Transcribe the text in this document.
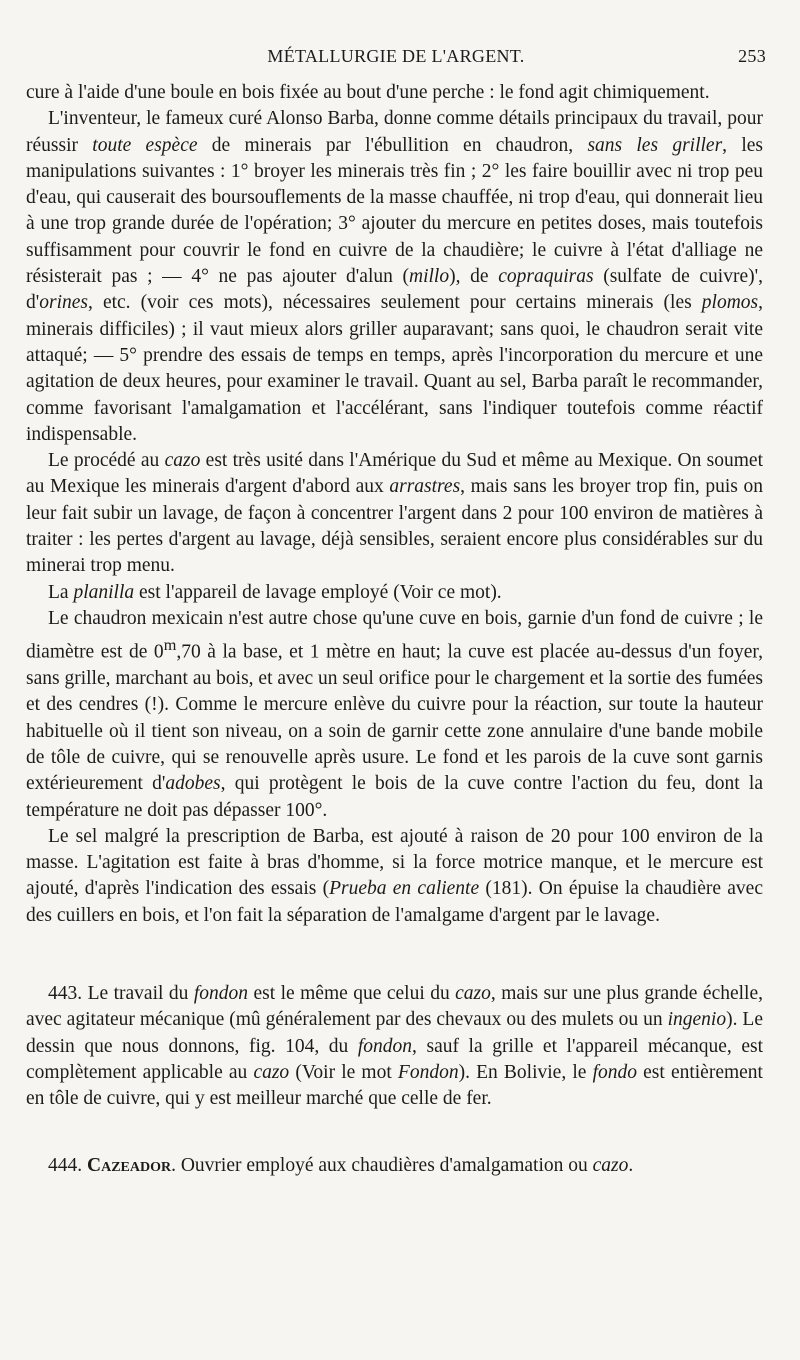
MÉTALLURGIE DE L'ARGENT.	253

cure à l'aide d'une boule en bois fixée au bout d'une perche : le fond agit chimiquement.

L'inventeur, le fameux curé Alonso Barba, donne comme détails principaux du travail, pour réussir toute espèce de minerais par l'ébullition en chaudron, sans les griller, les manipulations suivantes : 1° broyer les minerais très fin ; 2° les faire bouillir avec ni trop peu d'eau, qui causerait des boursouflements de la masse chauffée, ni trop d'eau, qui donnerait lieu à une trop grande durée de l'opération; 3° ajouter du mercure en petites doses, mais toutefois suffisamment pour couvrir le fond en cuivre de la chaudière; le cuivre à l'état d'alliage ne résisterait pas ; — 4° ne pas ajouter d'alun (millo), de copraquiras (sulfate de cuivre)', d'orines, etc. (voir ces mots), nécessaires seulement pour certains minerais (les plomos, minerais difficiles) ; il vaut mieux alors griller auparavant; sans quoi, le chaudron serait vite attaqué; — 5° prendre des essais de temps en temps, après l'incorporation du mercure et une agitation de deux heures, pour examiner le travail. Quant au sel, Barba paraît le recommander, comme favorisant l'amalgamation et l'accélérant, sans l'indiquer toutefois comme réactif indispensable.

Le procédé au cazo est très usité dans l'Amérique du Sud et même au Mexique. On soumet au Mexique les minerais d'argent d'abord aux arrastres, mais sans les broyer trop fin, puis on leur fait subir un lavage, de façon à concentrer l'argent dans 2 pour 100 environ de matières à traiter : les pertes d'argent au lavage, déjà sensibles, seraient encore plus considérables sur du minerai trop menu.

La planilla est l'appareil de lavage employé (Voir ce mot).

Le chaudron mexicain n'est autre chose qu'une cuve en bois, garnie d'un fond de cuivre ; le diamètre est de 0$^m$,70 à la base, et 1 mètre en haut; la cuve est placée au-dessus d'un foyer, sans grille, marchant au bois, et avec un seul orifice pour le chargement et la sortie des fumées et des cendres (!). Comme le mercure enlève du cuivre pour la réaction, sur toute la hauteur habituelle où il tient son niveau, on a soin de garnir cette zone annulaire d'une bande mobile de tôle de cuivre, qui se renouvelle après usure. Le fond et les parois de la cuve sont garnis extérieurement d'adobes, qui protègent le bois de la cuve contre l'action du feu, dont la température ne doit pas dépasser 100°.

Le sel malgré la prescription de Barba, est ajouté à raison de 20 pour 100 environ de la masse. L'agitation est faite à bras d'homme, si la force motrice manque, et le mercure est ajouté, d'après l'indication des essais (Prueba en caliente (181). On épuise la chaudière avec des cuillers en bois, et l'on fait la séparation de l'amalgame d'argent par le lavage.

443. Le travail du fondon est le même que celui du cazo, mais sur une plus grande échelle, avec agitateur mécanique (mû généralement par des chevaux ou des mulets ou un ingenio). Le dessin que nous donnons, fig. 104, du fondon, sauf la grille et l'appareil mécanque, est complètement applicable au cazo (Voir le mot Fondon). En Bolivie, le fondo est entièrement en tôle de cuivre, qui y est meilleur marché que celle de fer.

444. Cazeador. Ouvrier employé aux chaudières d'amalgamation ou cazo.
